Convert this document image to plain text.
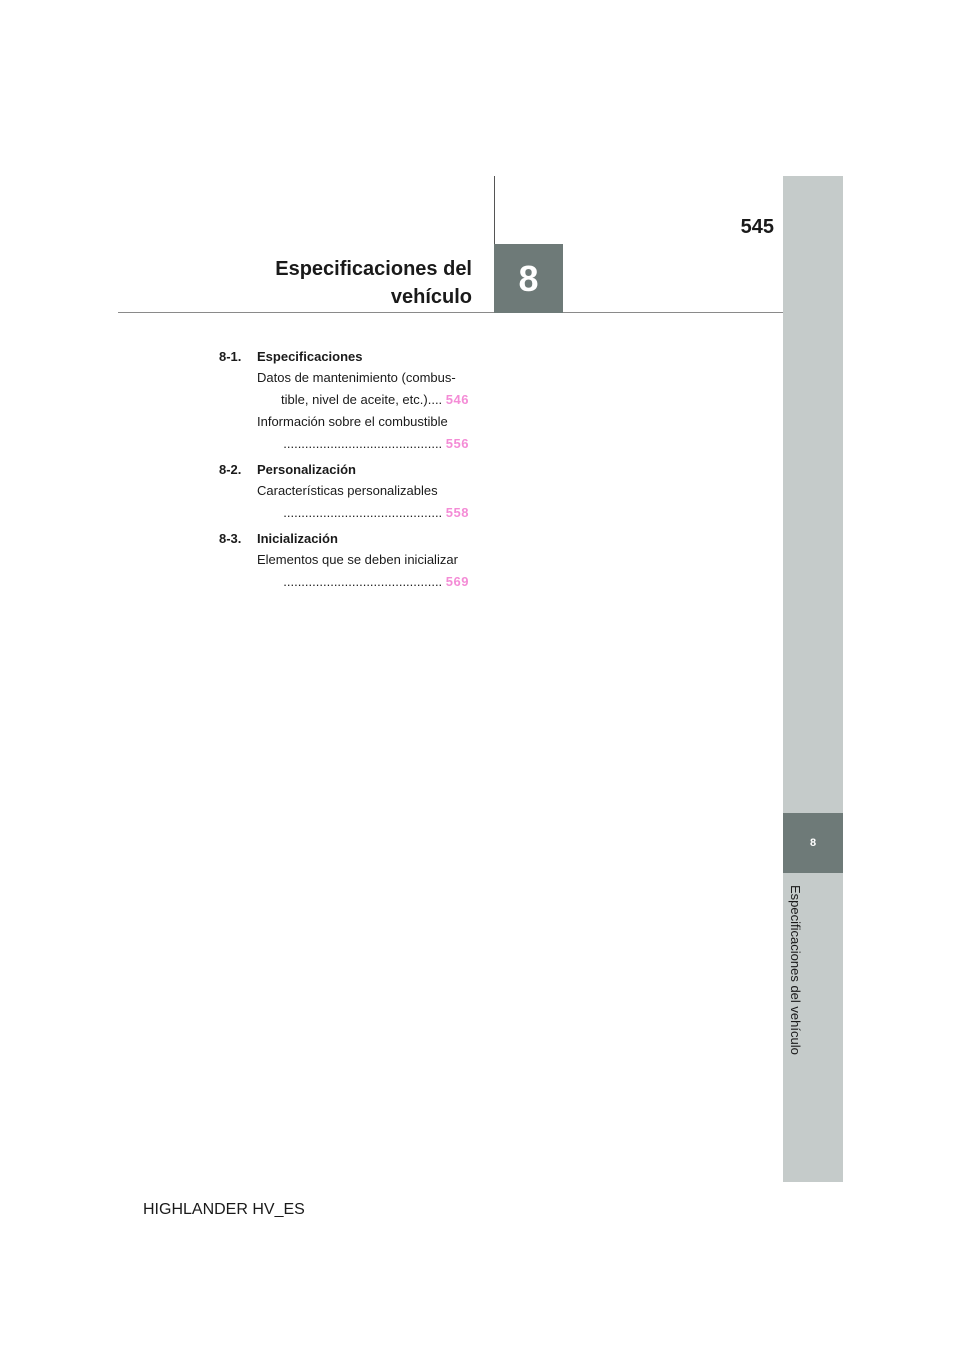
Especificaciones del
vehículo	8
545
8
Especificaciones del vehículo
8-1.	Especificaciones
Datos de mantenimiento (combus-
tible, nivel de aceite, etc.).... 546
Información sobre el combustible
............................................ 556
8-2.	Personalización
Características personalizables
............................................ 558
8-3.	Inicialización
Elementos que se deben inicializar
............................................ 569
HIGHLANDER HV_ES
